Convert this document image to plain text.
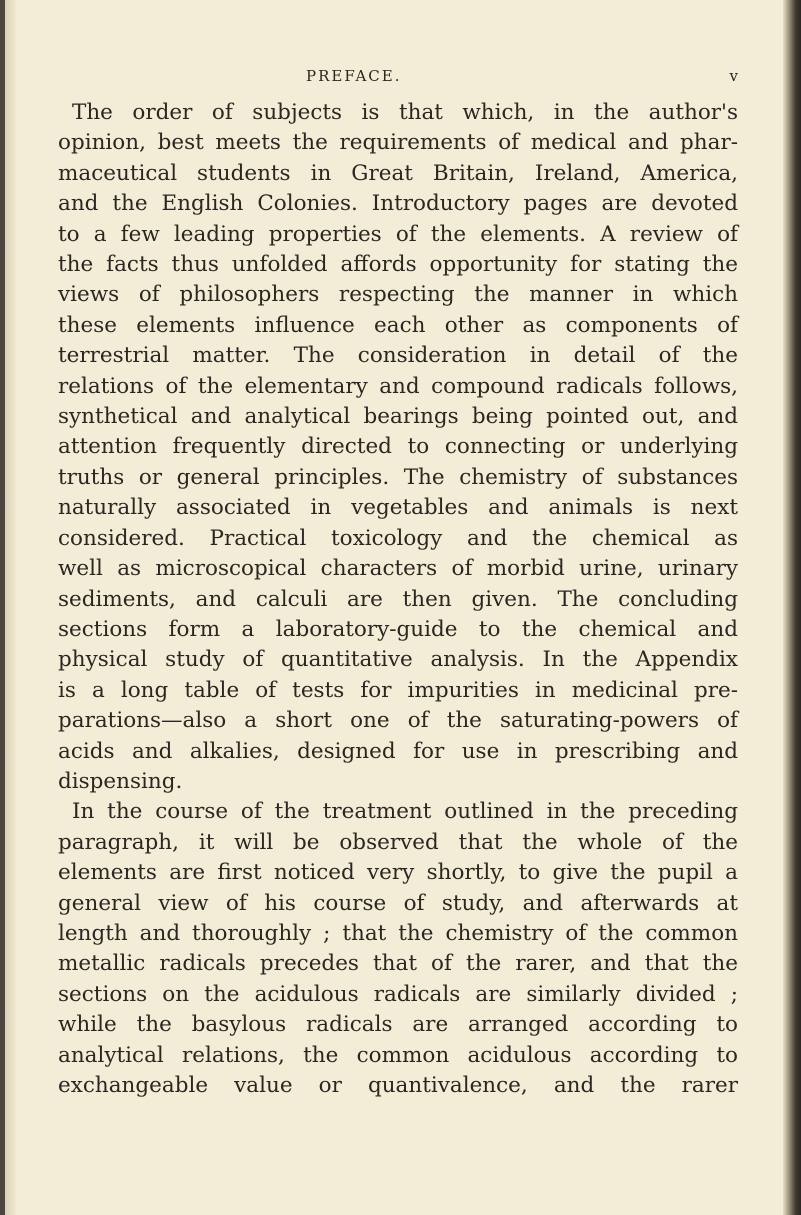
PREFACE.	v
The order of subjects is that which, in the author's
opinion, best meets the requirements of medical and phar-
maceutical students in Great Britain, Ireland, America,
and the English Colonies. Introductory pages are devoted
to a few leading properties of the elements. A review of
the facts thus unfolded affords opportunity for stating the
views of philosophers respecting the manner in which
these elements influence each other as components of
terrestrial matter. The consideration in detail of the
relations of the elementary and compound radicals follows,
synthetical and analytical bearings being pointed out, and
attention frequently directed to connecting or underlying
truths or general principles. The chemistry of substances
naturally associated in vegetables and animals is next
considered. Practical toxicology and the chemical as
well as microscopical characters of morbid urine, urinary
sediments, and calculi are then given. The concluding
sections form a laboratory-guide to the chemical and
physical study of quantitative analysis. In the Appendix
is a long table of tests for impurities in medicinal pre-
parations—also a short one of the saturating-powers of
acids and alkalies, designed for use in prescribing and
dispensing.
In the course of the treatment outlined in the preceding
paragraph, it will be observed that the whole of the
elements are first noticed very shortly, to give the pupil a
general view of his course of study, and afterwards at
length and thoroughly ; that the chemistry of the common
metallic radicals precedes that of the rarer, and that the
sections on the acidulous radicals are similarly divided ;
while the basylous radicals are arranged according to
analytical relations, the common acidulous according to
exchangeable value or quantivalence, and the rarer
